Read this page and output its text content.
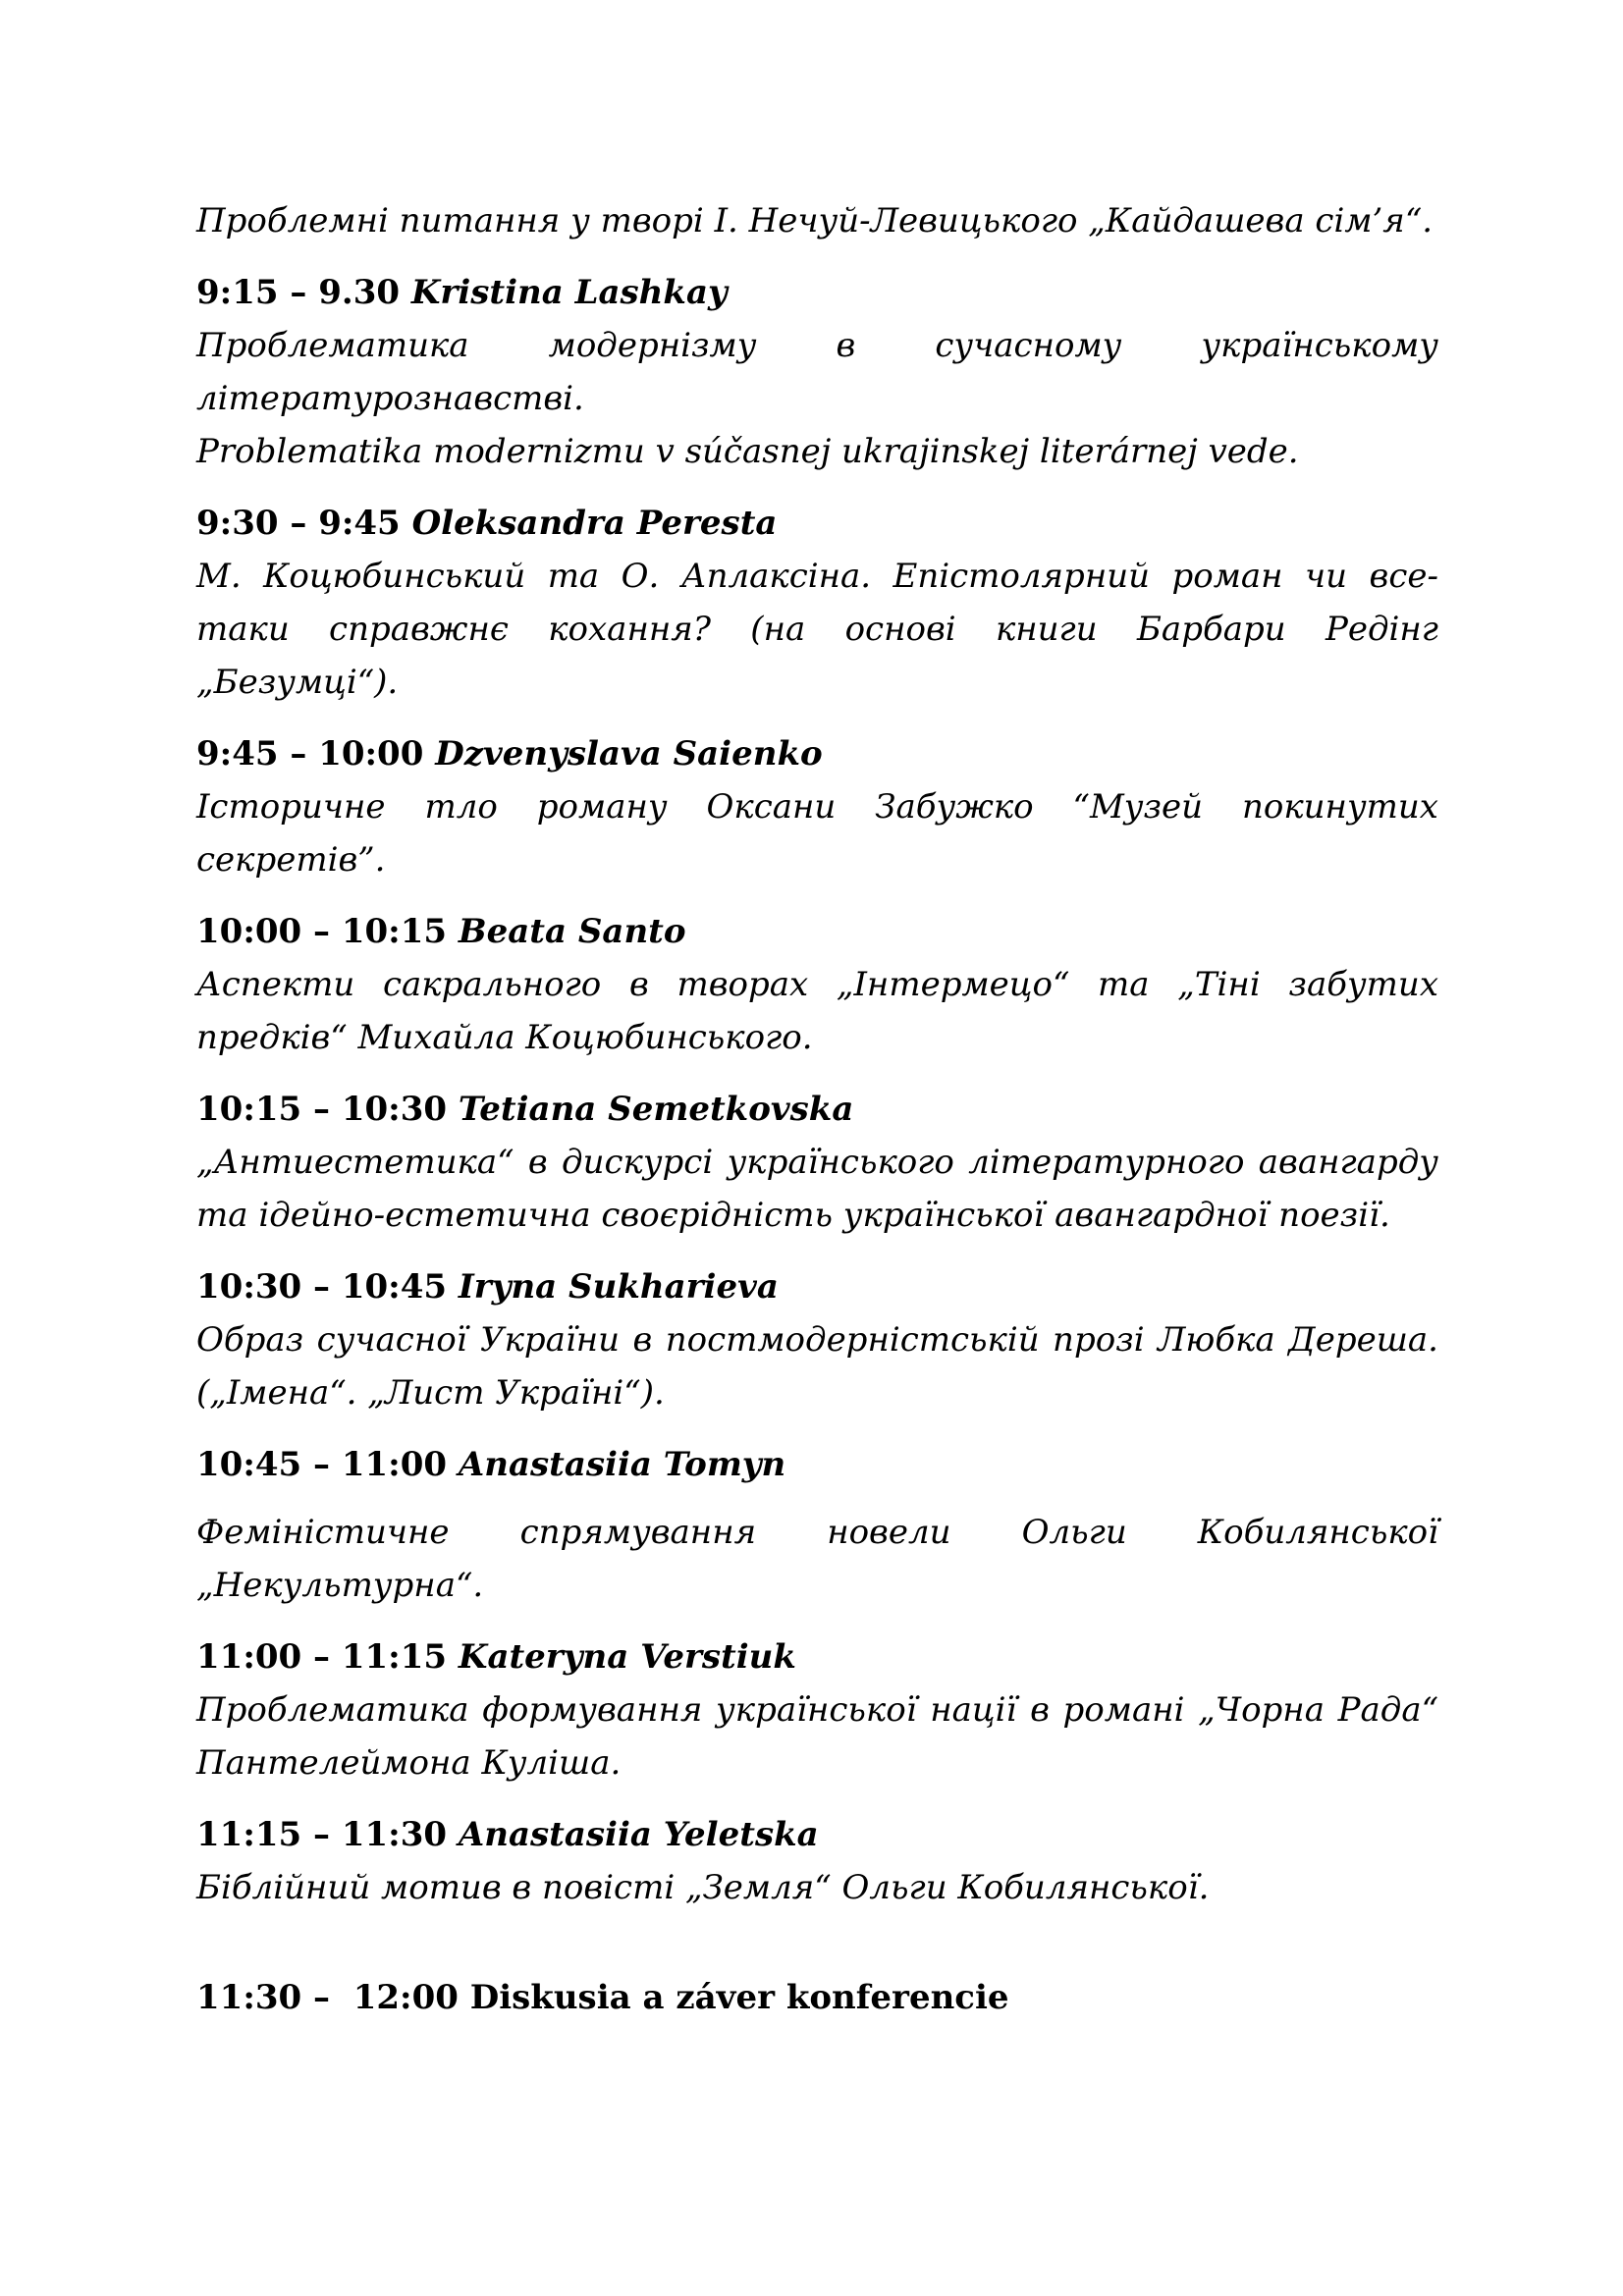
Проблемні питання у творі І. Нечуй-Левицького „Кайдашева сім’я“.

9:15 – 9.30 Kristina Lashkay

Проблематика модернізму в сучасному українському літературознавстві.

Problematika modernizmu v súčasnej ukrajinskej literárnej vede.

9:30 – 9:45 Oleksandra Peresta

М. Коцюбинський та О. Аплаксіна. Епістолярний роман чи все-таки справжнє кохання? (на основі книги Барбари Редінг „Безумці“).

9:45 – 10:00 Dzvenyslava Saienko

Історичне тло роману Оксани Забужко “Музей покинутих секретів”.

10:00 – 10:15 Beata Santo

Аспекти сакрального в творах „Інтермецо“ та „Тіні забутих предків“ Михайла Коцюбинського.

10:15 – 10:30 Tetiana Semetkovska

„Антиестетика“ в дискурсі українського літературного авангарду та ідейно-естетична своєрідність української авангардної поезії.

10:30 – 10:45 Iryna Sukharieva

Образ сучасної України в постмодерністській прозі Любка Дереша. („Імена“. „Лист Україні“).

10:45 – 11:00 Anastasiia Tomyn

Феміністичне спрямування новели Ольги Кобилянської „Некультурна“.

11:00 – 11:15 Kateryna Verstiuk

Проблематика формування української нації в романі „Чорна Рада“ Пантелеймона Куліша.

11:15 – 11:30 Anastasiia Yeletska

Біблійний мотив в повісті „Земля“ Ольги Кобилянської.

11:30 – 12:00 Diskusia a záver konferencie
